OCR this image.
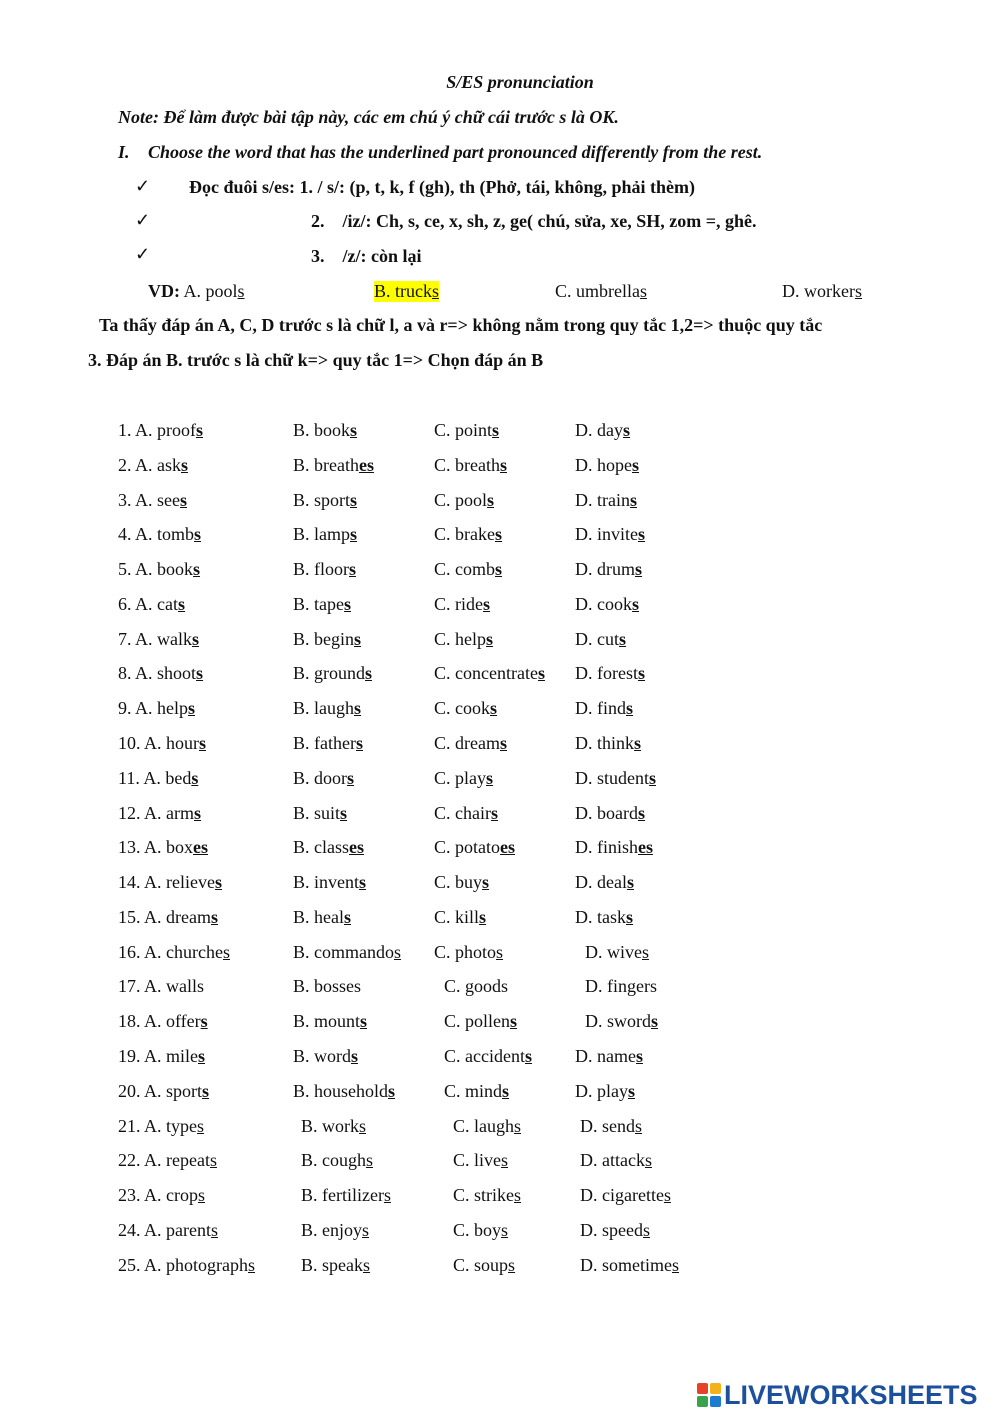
S/ES pronunciation
Note: Để làm được bài tập này, các em chú ý chữ cái trước s là OK.
I. Choose the word that has the underlined part pronounced differently from the rest.
✓ Đọc đuôi s/es: 1. / s/: (p, t, k, f (gh), th (Phở, tái, không, phải thèm)
✓	2.    /iz/: Ch, s, ce, x, sh, z, ge( chú, sửa, xe, SH, zom =, ghê.
✓	3.    /z/: còn lại
VD: A. pools	B. trucks	C. umbrellas	D. workers
Ta thấy đáp án A, C, D trước s là chữ l, a và r=> không nằm trong quy tắc 1,2=> thuộc quy tắc
3. Đáp án B. trước s là chữ k=> quy tắc 1=> Chọn đáp án B
1. A. proofs	B. books	C. points	D. days
2. A. asks	B. breathes	C. breaths	D. hopes
3. A. sees	B. sports	C. pools	D. trains
4. A. tombs	B. lamps	C. brakes	D. invites
5. A. books	B. floors	C. combs	D. drums
6. A. cats	B. tapes	C. rides	D. cooks
7. A. walks	B. begins	C. helps	D. cuts
8. A. shoots	B. grounds	C. concentrates D. forests
9. A. helps	B. laughs	C. cooks	D. finds
10. A. hours	B. fathers	C. dreams	D. thinks
11. A. beds	B. doors	C. plays	D. students
12. A. arms	B. suits	C. chairs	D. boards
13. A. boxes	B. classes	C. potatoes	D. finishes
14. A. relieves	B. invents	C. buys	D. deals
15. A. dreams	B. heals	C. kills	D. tasks
16. A. churches	B. commandos C. photos	D. wives
17. A. walls	B. bosses	C. goods	D. fingers
18. A. offers	B. mounts	C. pollens	D. swords
19. A. miles	B. words	C. accidents D. names
20. A. sports	B. households	C. minds	D. plays
21. A. types	B. works	C. laughs	D. sends
22. A. repeats	B. coughs	C. lives	D. attacks
23. A. crops	B. fertilizers	C. strikes	D. cigarettes
24. A. parents	B. enjoys	C. boys	D. speeds
25. A. photographs	B. speaks	C. soups	D. sometimes
LIVEWORKSHEETS
